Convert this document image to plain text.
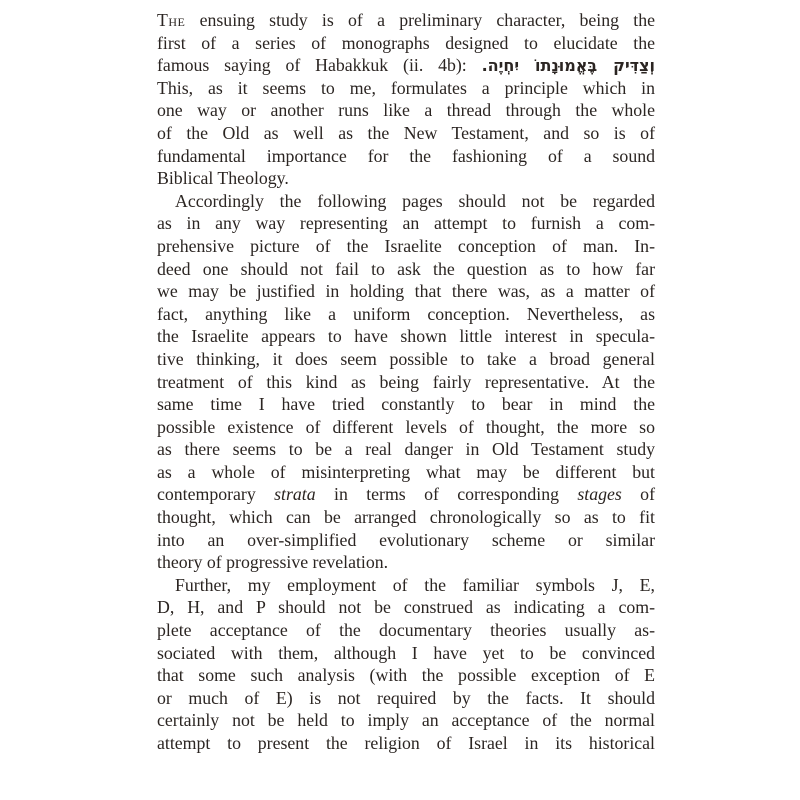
The ensuing study is of a preliminary character, being the
first of a series of monographs designed to elucidate the
famous saying of Habakkuk (ii. 4b): וְצַדִּיק בֶּאֱמוּנָתוֹ יִחְיֶה.
This, as it seems to me, formulates a principle which in
one way or another runs like a thread through the whole
of the Old as well as the New Testament, and so is of
fundamental importance for the fashioning of a sound
Biblical Theology.
Accordingly the following pages should not be regarded
as in any way representing an attempt to furnish a com-
prehensive picture of the Israelite conception of man. In-
deed one should not fail to ask the question as to how far
we may be justified in holding that there was, as a matter of
fact, anything like a uniform conception. Nevertheless, as
the Israelite appears to have shown little interest in specula-
tive thinking, it does seem possible to take a broad general
treatment of this kind as being fairly representative. At the
same time I have tried constantly to bear in mind the
possible existence of different levels of thought, the more so
as there seems to be a real danger in Old Testament study
as a whole of misinterpreting what may be different but
contemporary strata in terms of corresponding stages of
thought, which can be arranged chronologically so as to fit
into an over-simplified evolutionary scheme or similar
theory of progressive revelation.
Further, my employment of the familiar symbols J, E,
D, H, and P should not be construed as indicating a com-
plete acceptance of the documentary theories usually as-
sociated with them, although I have yet to be convinced
that some such analysis (with the possible exception of E
or much of E) is not required by the facts. It should
certainly not be held to imply an acceptance of the normal
attempt to present the religion of Israel in its historical
